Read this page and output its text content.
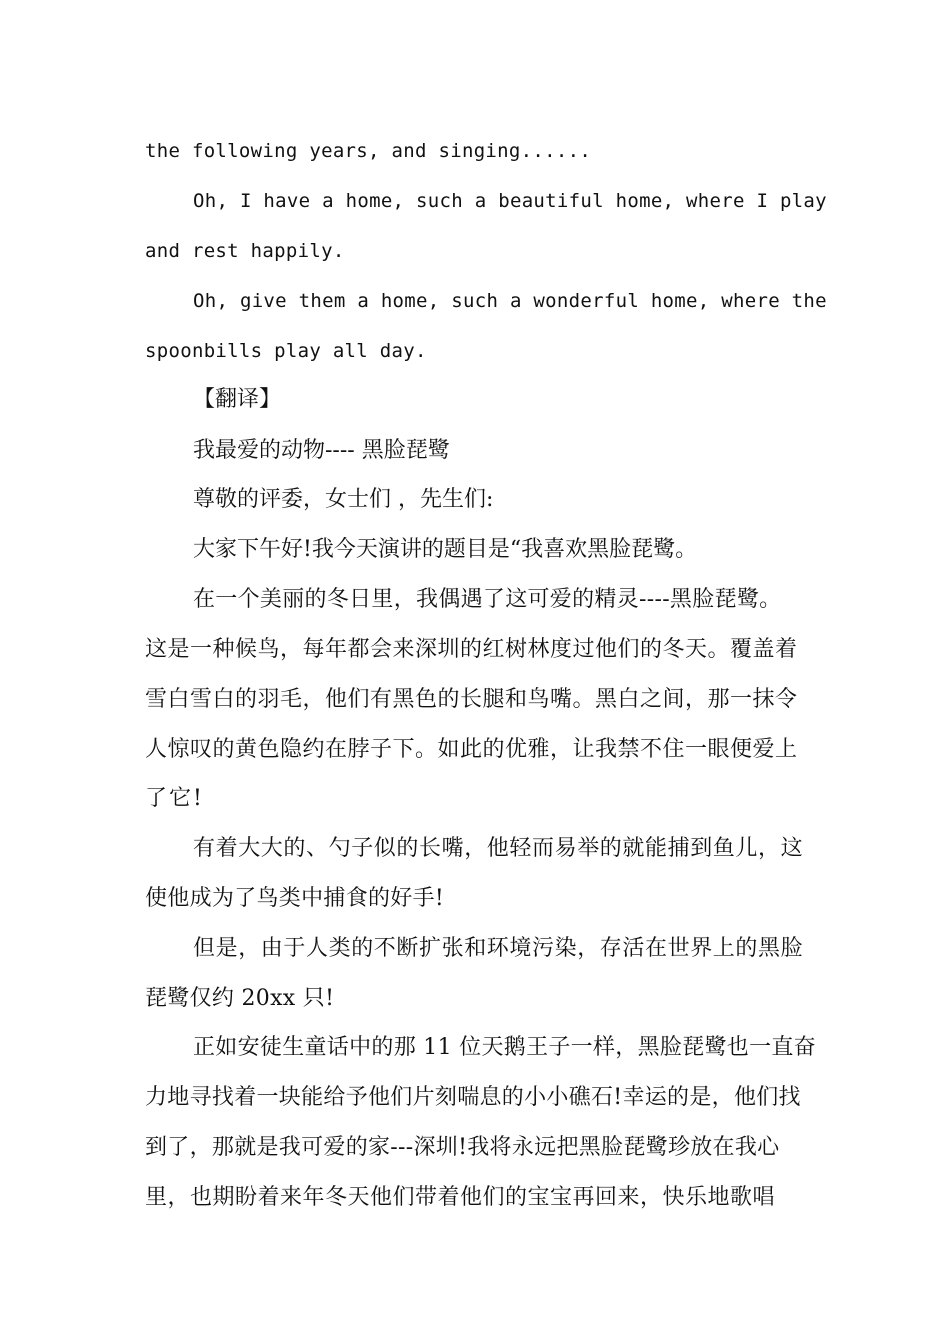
the following years, and singing......
Oh, I have a home, such a beautiful home, where I play
and rest happily.
Oh, give them a home, such a wonderful home, where the
spoonbills play all day.
【翻译】
我最爱的动物---- 黑脸琵鹭
尊敬的评委，女士们 ，先生们:
大家下午好!我今天演讲的题目是“我喜欢黑脸琵鹭。
在一个美丽的冬日里，我偶遇了这可爱的精灵----黑脸琵鹭。
这是一种候鸟，每年都会来深圳的红树林度过他们的冬天。覆盖着
雪白雪白的羽毛，他们有黑色的长腿和鸟嘴。黑白之间，那一抹令
人惊叹的黄色隐约在脖子下。如此的优雅，让我禁不住一眼便爱上
了它!
有着大大的、勺子似的长嘴，他轻而易举的就能捕到鱼儿，这
使他成为了鸟类中捕食的好手!
但是，由于人类的不断扩张和环境污染，存活在世界上的黑脸
琵鹭仅约 20xx 只!
正如安徒生童话中的那 11 位天鹅王子一样，黑脸琵鹭也一直奋
力地寻找着一块能给予他们片刻喘息的小小礁石!幸运的是，他们找
到了，那就是我可爱的家---深圳!我将永远把黑脸琵鹭珍放在我心
里，也期盼着来年冬天他们带着他们的宝宝再回来，快乐地歌唱
